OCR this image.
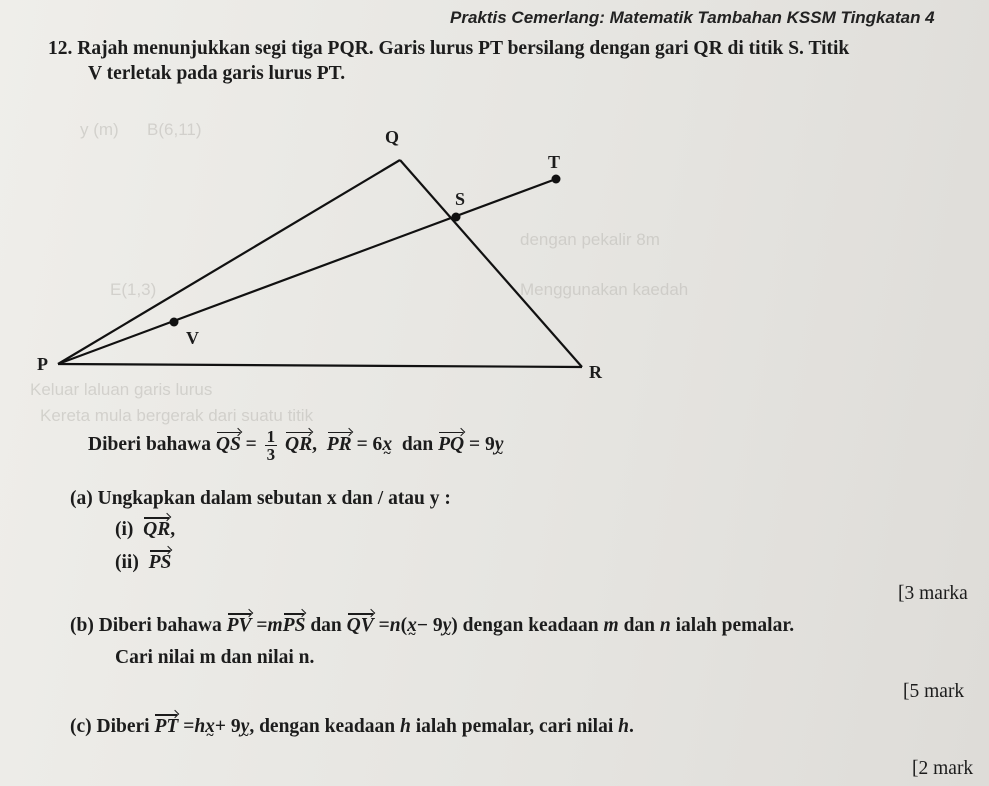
y (m)      B(6,11)
dengan pekalir 8m
Menggunakan kaedah
E(1,3)
Keluar laluan garis lurus
Kereta mula bergerak dari suatu titik
Praktis Cemerlang: Matematik Tambahan KSSM Tingkatan 4
12. Rajah menunjukkan segi tiga PQR. Garis lurus PT bersilang dengan gari QR di titik S. Titik
V terletak pada garis lurus PT.
Q
T
S
V
P	R
Diberi bahawa QS = $\frac{1}{3}$ QR, PR = 6x ~ dan PQ = 9y ~
(a) Ungkapkan dalam sebutan x dan / atau y :
(i) QR,
(ii) PS
[3 marka
(b) Diberi bahawa PV =mPS dan QV =n(x ~− 9y ~) dengan keadaan m dan n ialah pemalar.
Cari nilai m dan nilai n.
[5 mark
(c) Diberi PT =hx ~+ 9y ~, dengan keadaan h ialah pemalar, cari nilai h.
[2 mark
